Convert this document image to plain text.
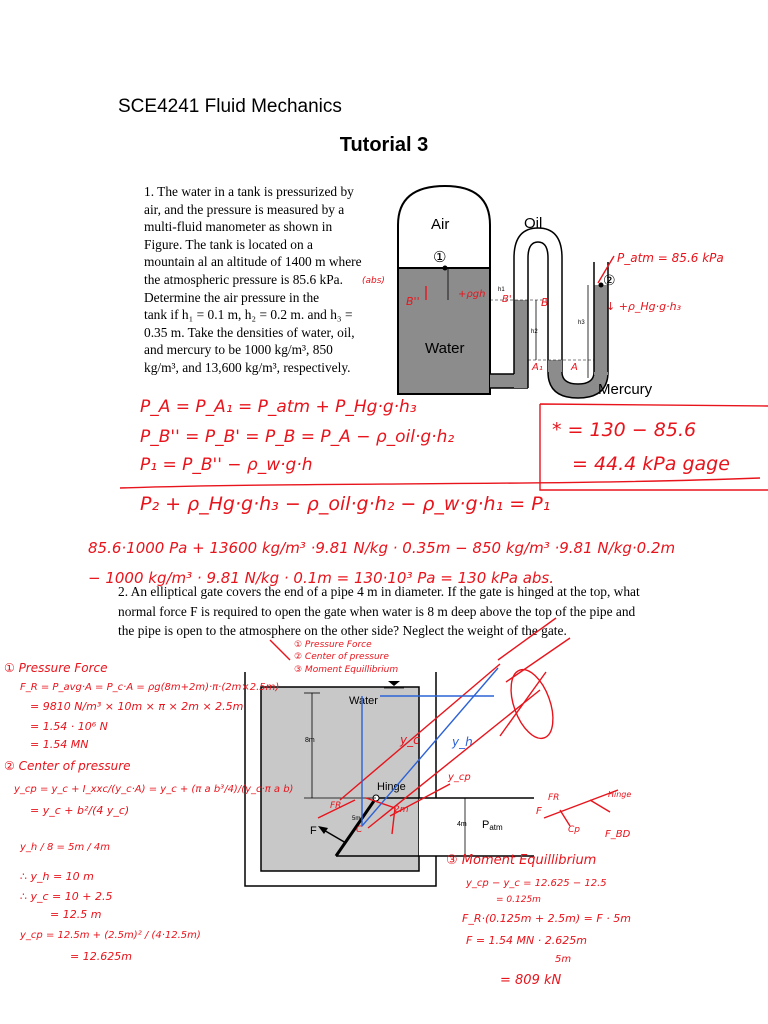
SCE4241 Fluid Mechanics
Tutorial 3
1. The water in a tank is pressurized by
air, and the pressure is measured by a
multi-fluid manometer as shown in
Figure. The tank is located on a
mountain al an altitude of 1400 m where
the atmospheric pressure is 85.6 kPa.
Determine the air pressure in the
tank if h₁ = 0.1 m, h₂ = 0.2 m. and h₃ =
0.35 m. Take the densities of water, oil,
and mercury to be 1000 kg/m³, 850
kg/m³, and 13,600 kg/m³, respectively.
Air	Oil
Water
Mercury
①
②
h1
h2
h3
2. An elliptical gate covers the end of a pipe 4 m in diameter. If the gate is hinged at the top, what normal force F is required to open the gate when water is 8 m deep above the top of the pipe and the pipe is open to the atmosphere on the other side? Neglect the weight of the gate.
Water
Hinge
8m
4m Patm
F
5m
P_atm = 85.6 kPa
(abs)
↓ +ρ_Hg·g·h₃
+ρgh
B''	B'	B
A₁	A
P_A = P_A₁ = P_atm + P_Hg·g·h₃
P_B'' = P_B' = P_B = P_A − ρ_oil·g·h₂
P₁ = P_B'' − ρ_w·g·h
P₂ + ρ_Hg·g·h₃ − ρ_oil·g·h₂ − ρ_w·g·h₁ = P₁
85.6·1000 Pa + 13600 kg/m³ ·9.81 N/kg · 0.35m − 850 kg/m³ ·9.81 N/kg·0.2m
− 1000 kg/m³ · 9.81 N/kg · 0.1m = 130·10³ Pa = 130 kPa abs.
* = 130 − 85.6
= 44.4 kPa gage
① Pressure Force
② Center of pressure
③ Moment Equillibrium
① Pressure Force
F_R = P_avg·A = P_c·A = ρg(8m+2m)·π·(2m×2.5m)
= 9810 N/m³ × 10m × π × 2m × 2.5m
= 1.54 · 10⁶ N
= 1.54 MN
② Center of pressure
y_cp = y_c + I_xxc/(y_c·A) = y_c + (π a b³/4)/(y_c·π a b)
= y_c + b²/(4 y_c)
y_h / 8 = 5m / 4m
∴ y_h = 10 m
∴ y_c = 10 + 2.5
= 12.5 m
y_cp = 12.5m + (2.5m)² / (4·12.5m)
= 12.625m
F_BD
Hinge
F
FR
Cp
③ Moment Equillibrium
y_cp − y_c = 12.625 − 12.5
= 0.125m
F_R·(0.125m + 2.5m) = F · 5m
F = 1.54 MN · 2.625m
5m
= 809 kN
FR
C
y_c	y_h
y_cp
2m
